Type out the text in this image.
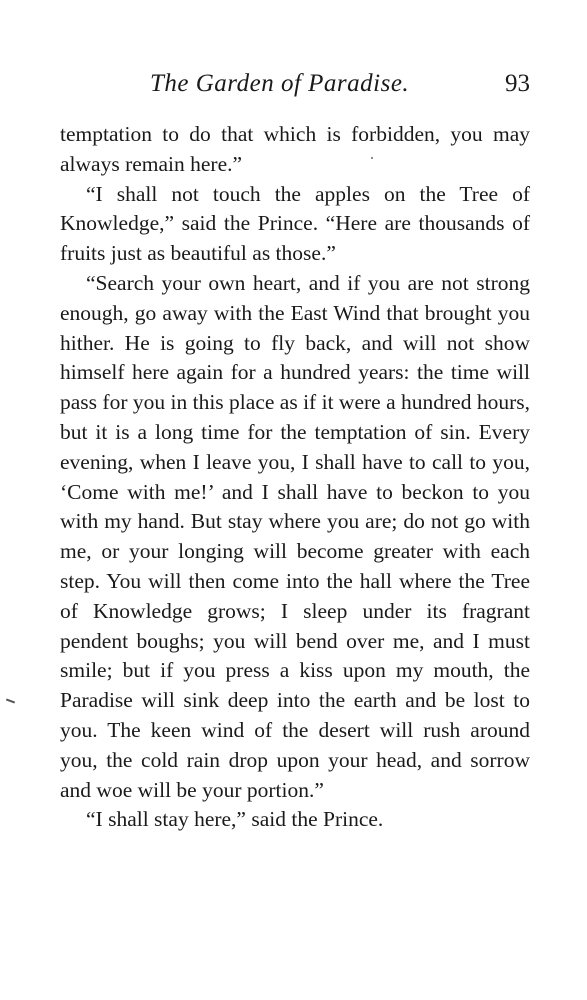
The Garden of Paradise.	93

temptation to do that which is forbidden, you may always remain here.”

“I shall not touch the apples on the Tree of Knowledge,” said the Prince. “Here are thousands of fruits just as beautiful as those.”

“Search your own heart, and if you are not strong enough, go away with the East Wind that brought you hither. He is going to fly back, and will not show himself here again for a hundred years: the time will pass for you in this place as if it were a hundred hours, but it is a long time for the temptation of sin. Every evening, when I leave you, I shall have to call to you, ‘Come with me!’ and I shall have to beckon to you with my hand. But stay where you are; do not go with me, or your longing will become greater with each step. You will then come into the hall where the Tree of Knowledge grows; I sleep under its fragrant pendent boughs; you will bend over me, and I must smile; but if you press a kiss upon my mouth, the Paradise will sink deep into the earth and be lost to you. The keen wind of the desert will rush around you, the cold rain drop upon your head, and sorrow and woe will be your portion.”

“I shall stay here,” said the Prince.
